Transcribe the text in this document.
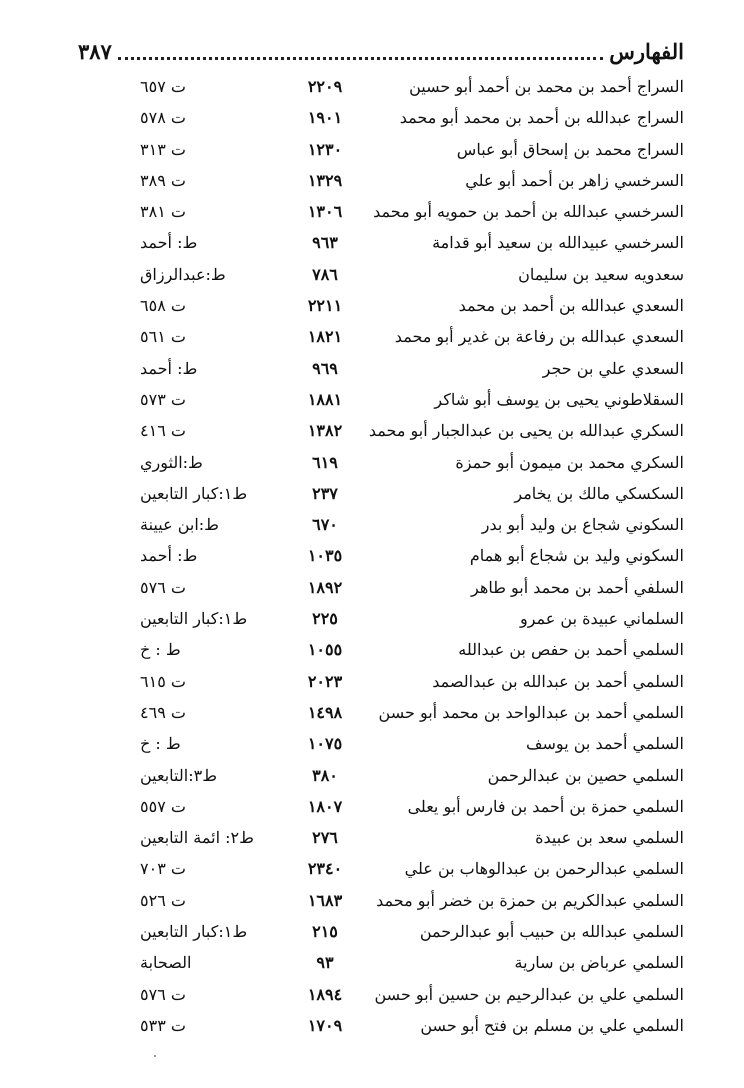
الفهارس
٣٨٧
السراج أحمد بن محمد بن أحمد أبو حسين
٢٢٠٩
ت ٦٥٧
السراج عبدالله بن أحمد بن محمد أبو محمد
١٩٠١
ت ٥٧٨
السراج محمد بن إسحاق أبو عباس
١٢٣٠
ت ٣١٣
السرخسي زاهر بن أحمد أبو علي
١٣٢٩
ت ٣٨٩
السرخسي عبدالله بن أحمد بن حمويه أبو محمد
١٣٠٦
ت ٣٨١
السرخسي عبيدالله بن سعيد أبو قدامة
٩٦٣
ط: أحمد
سعدويه سعيد بن سليمان
٧٨٦
ط:عبدالرزاق
السعدي عبدالله بن أحمد بن محمد
٢٢١١
ت ٦٥٨
السعدي عبدالله بن رفاعة بن غدير أبو محمد
١٨٢١
ت ٥٦١
السعدي علي بن حجر
٩٦٩
ط: أحمد
السقلاطوني يحيى بن يوسف أبو شاكر
١٨٨١
ت ٥٧٣
السكري عبدالله بن يحيى بن عبدالجبار أبو محمد
١٣٨٢
ت ٤١٦
السكري محمد بن ميمون أبو حمزة
٦١٩
ط:الثوري
السكسكي مالك بن يخامر
٢٣٧
ط١:كبار التابعين
السكوني شجاع بن وليد أبو بدر
٦٧٠
ط:ابن عيينة
السكوني وليد بن شجاع أبو همام
١٠٣٥
ط: أحمد
السلفي أحمد بن محمد أبو طاهر
١٨٩٢
ت ٥٧٦
السلماني عبيدة بن عمرو
٢٢٥
ط١:كبار التابعين
السلمي أحمد بن حفص بن عبدالله
١٠٥٥
ط : خ
السلمي أحمد بن عبدالله بن عبدالصمد
٢٠٢٣
ت ٦١٥
السلمي أحمد بن عبدالواحد بن محمد أبو حسن
١٤٩٨
ت ٤٦٩
السلمي أحمد بن يوسف
١٠٧٥
ط : خ
السلمي حصين بن عبدالرحمن
٣٨٠
ط٣:التابعين
السلمي حمزة بن أحمد بن فارس أبو يعلى
١٨٠٧
ت ٥٥٧
السلمي سعد بن عبيدة
٢٧٦
ط٢: ائمة التابعين
السلمي عبدالرحمن بن عبدالوهاب بن علي
٢٣٤٠
ت ٧٠٣
السلمي عبدالكريم بن حمزة بن خضر أبو محمد
١٦٨٣
ت ٥٢٦
السلمي عبدالله بن حبيب أبو عبدالرحمن
٢١٥
ط١:كبار التابعين
السلمي عرباض بن سارية
٩٣
الصحابة
السلمي علي بن عبدالرحيم بن حسين أبو حسن
١٨٩٤
ت ٥٧٦
السلمي علي بن مسلم بن فتح أبو حسن
١٧٠٩
ت ٥٣٣
